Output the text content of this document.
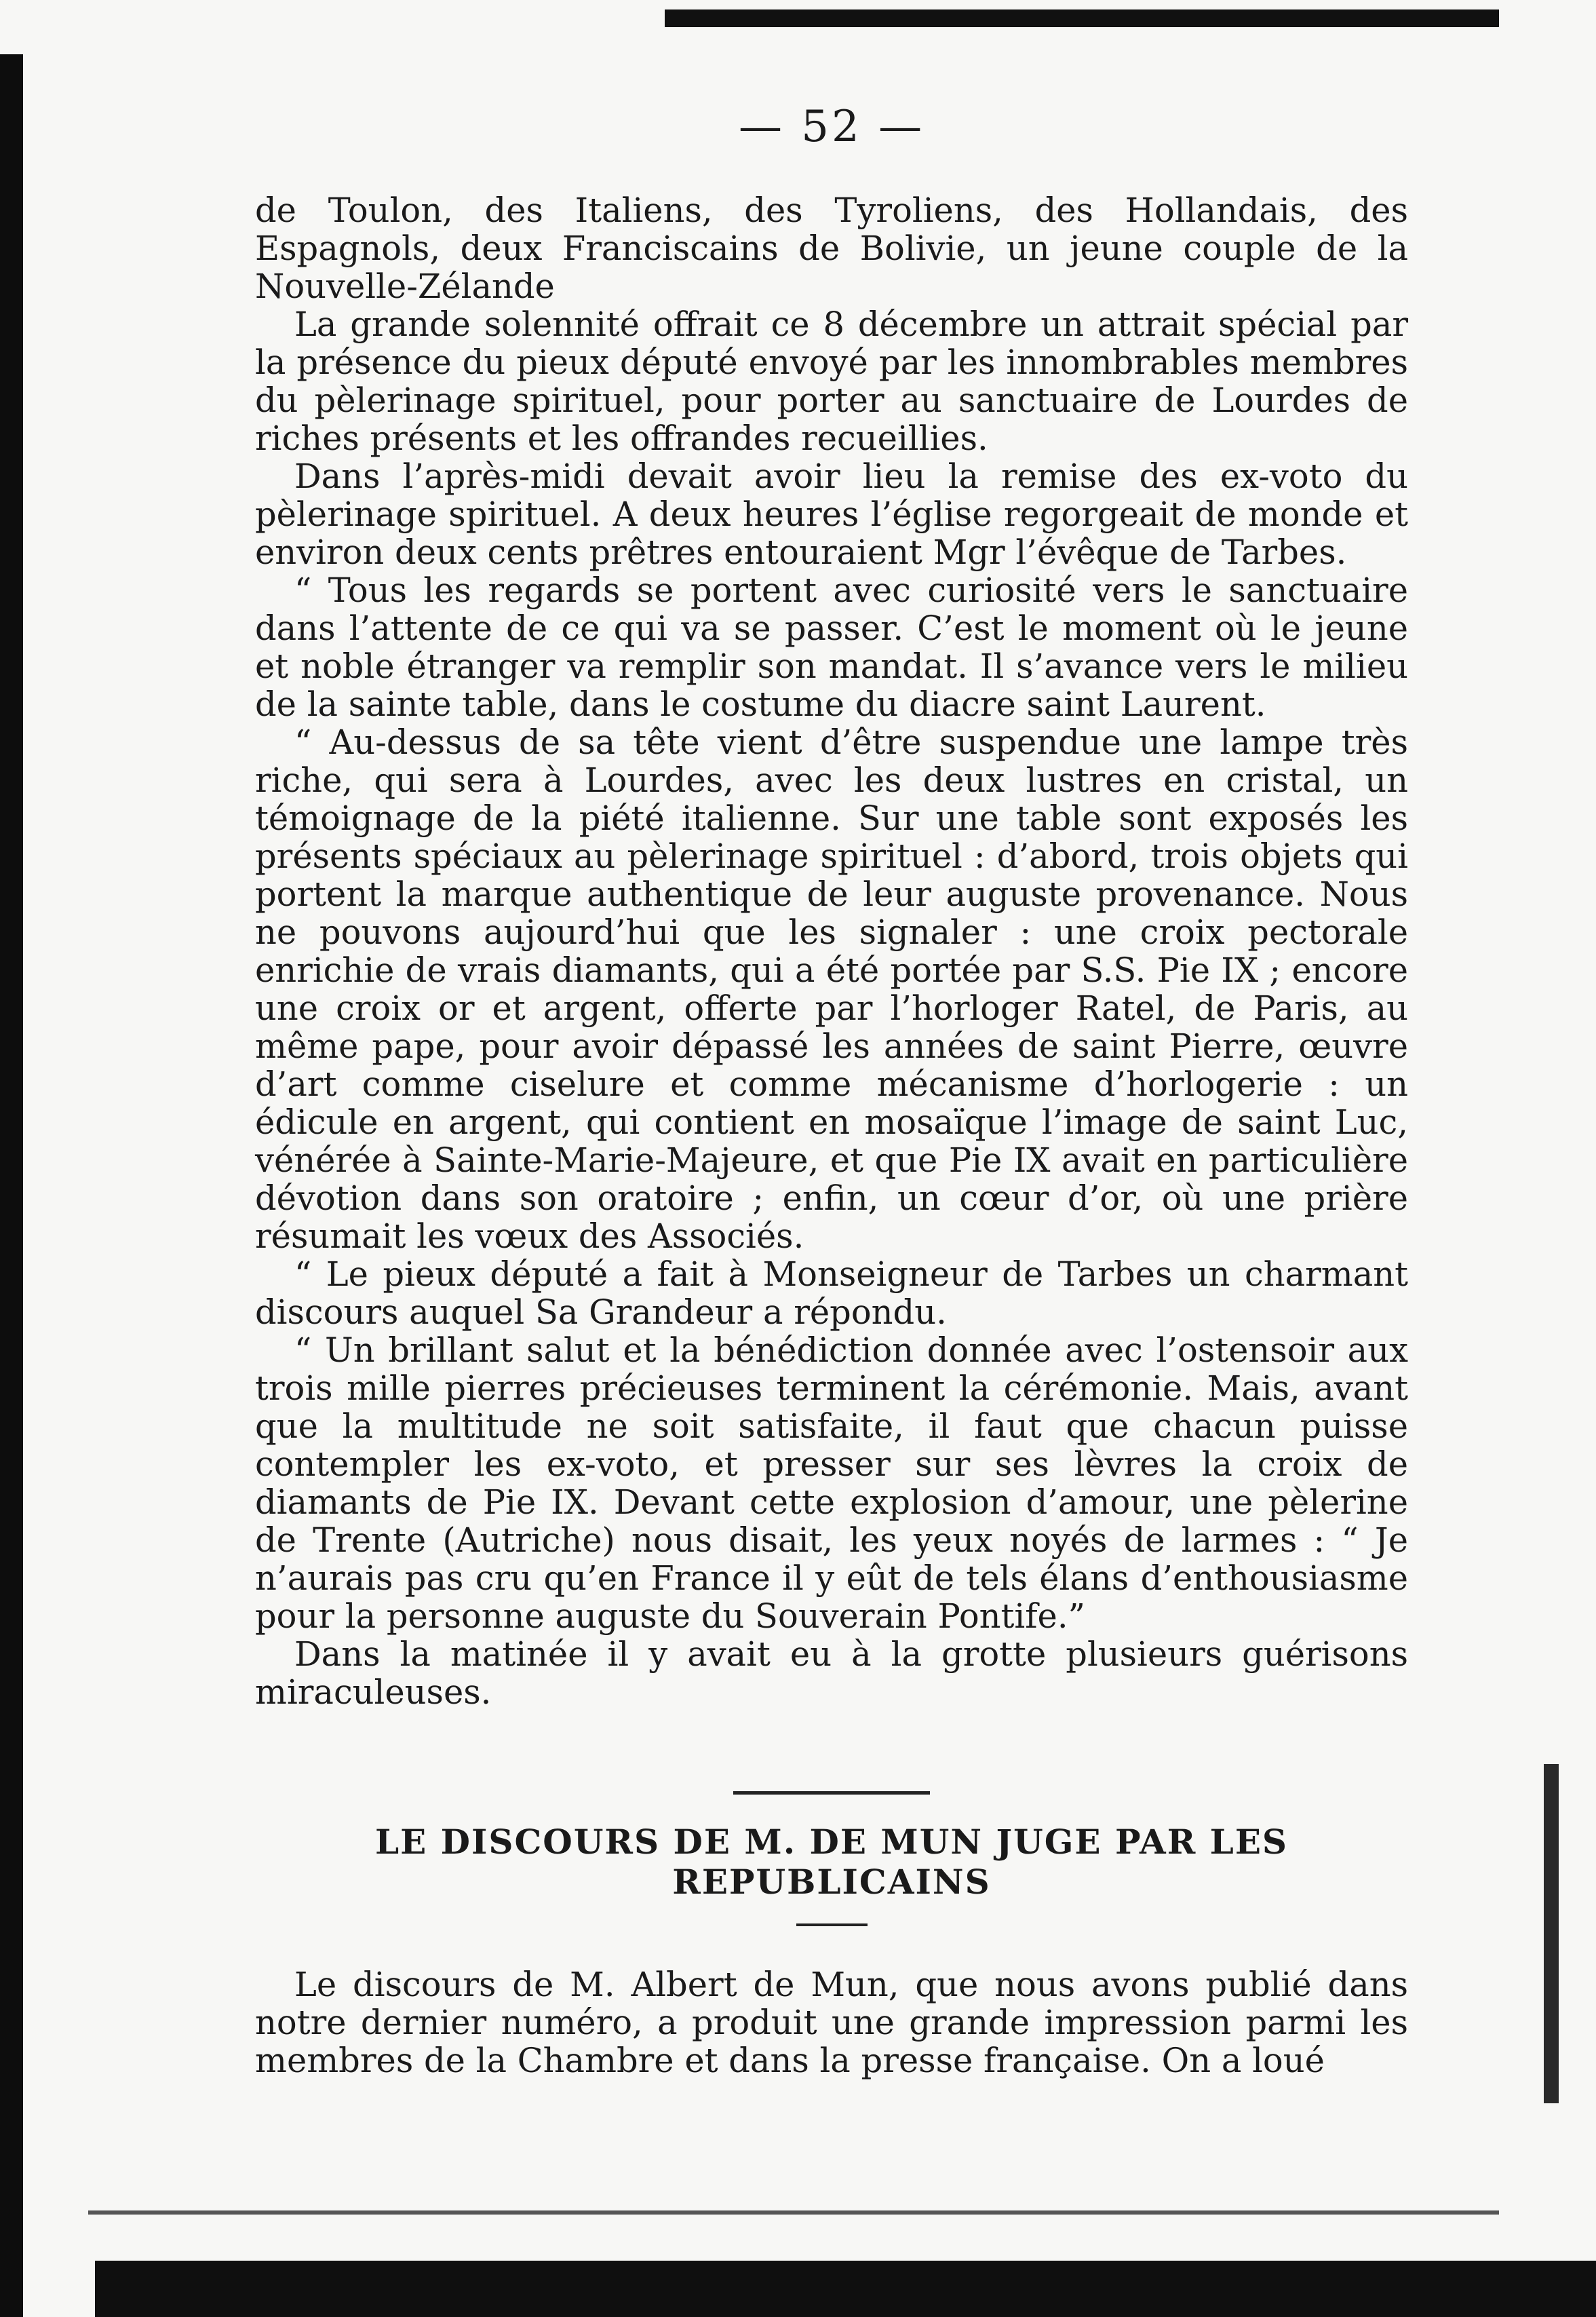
— 52 —

de Toulon, des Italiens, des Tyroliens, des Hollandais, des Espagnols, deux Franciscains de Bolivie, un jeune couple de la Nouvelle-Zélande

La grande solennité offrait ce 8 décembre un attrait spécial par la présence du pieux député envoyé par les innombrables membres du pèlerinage spirituel, pour porter au sanctuaire de Lourdes de riches présents et les offrandes recueillies.

Dans l’après-midi devait avoir lieu la remise des ex-voto du pèlerinage spirituel. A deux heures l’église regorgeait de monde et environ deux cents prêtres entouraient Mgr l’évêque de Tarbes.

“ Tous les regards se portent avec curiosité vers le sanctuaire dans l’attente de ce qui va se passer. C’est le moment où le jeune et noble étranger va remplir son mandat. Il s’avance vers le milieu de la sainte table, dans le costume du diacre saint Laurent.

“ Au-dessus de sa tête vient d’être suspendue une lampe très riche, qui sera à Lourdes, avec les deux lustres en cristal, un témoignage de la piété italienne. Sur une table sont exposés les présents spéciaux au pèlerinage spirituel : d’abord, trois objets qui portent la marque authentique de leur auguste provenance. Nous ne pouvons aujourd’hui que les signaler : une croix pectorale enrichie de vrais diamants, qui a été portée par S.S. Pie IX ; encore une croix or et argent, offerte par l’horloger Ratel, de Paris, au même pape, pour avoir dépassé les années de saint Pierre, œuvre d’art comme ciselure et comme mécanisme d’horlogerie : un édicule en argent, qui contient en mosaïque l’image de saint Luc, vénérée à Sainte-Marie-Majeure, et que Pie IX avait en particulière dévotion dans son oratoire ; enfin, un cœur d’or, où une prière résumait les vœux des Associés.

“ Le pieux député a fait à Monseigneur de Tarbes un charmant discours auquel Sa Grandeur a répondu.

“ Un brillant salut et la bénédiction donnée avec l’ostensoir aux trois mille pierres précieuses terminent la cérémonie. Mais, avant que la multitude ne soit satisfaite, il faut que chacun puisse contempler les ex-voto, et presser sur ses lèvres la croix de diamants de Pie IX. Devant cette explosion d’amour, une pèlerine de Trente (Autriche) nous disait, les yeux noyés de larmes : “ Je n’aurais pas cru qu’en France il y eût de tels élans d’enthousiasme pour la personne auguste du Souverain Pontife.”

Dans la matinée il y avait eu à la grotte plusieurs guérisons miraculeuses.

LE DISCOURS DE M. DE MUN JUGE PAR LES REPUBLICAINS

Le discours de M. Albert de Mun, que nous avons publié dans notre dernier numéro, a produit une grande impression parmi les membres de la Chambre et dans la presse française. On a loué
